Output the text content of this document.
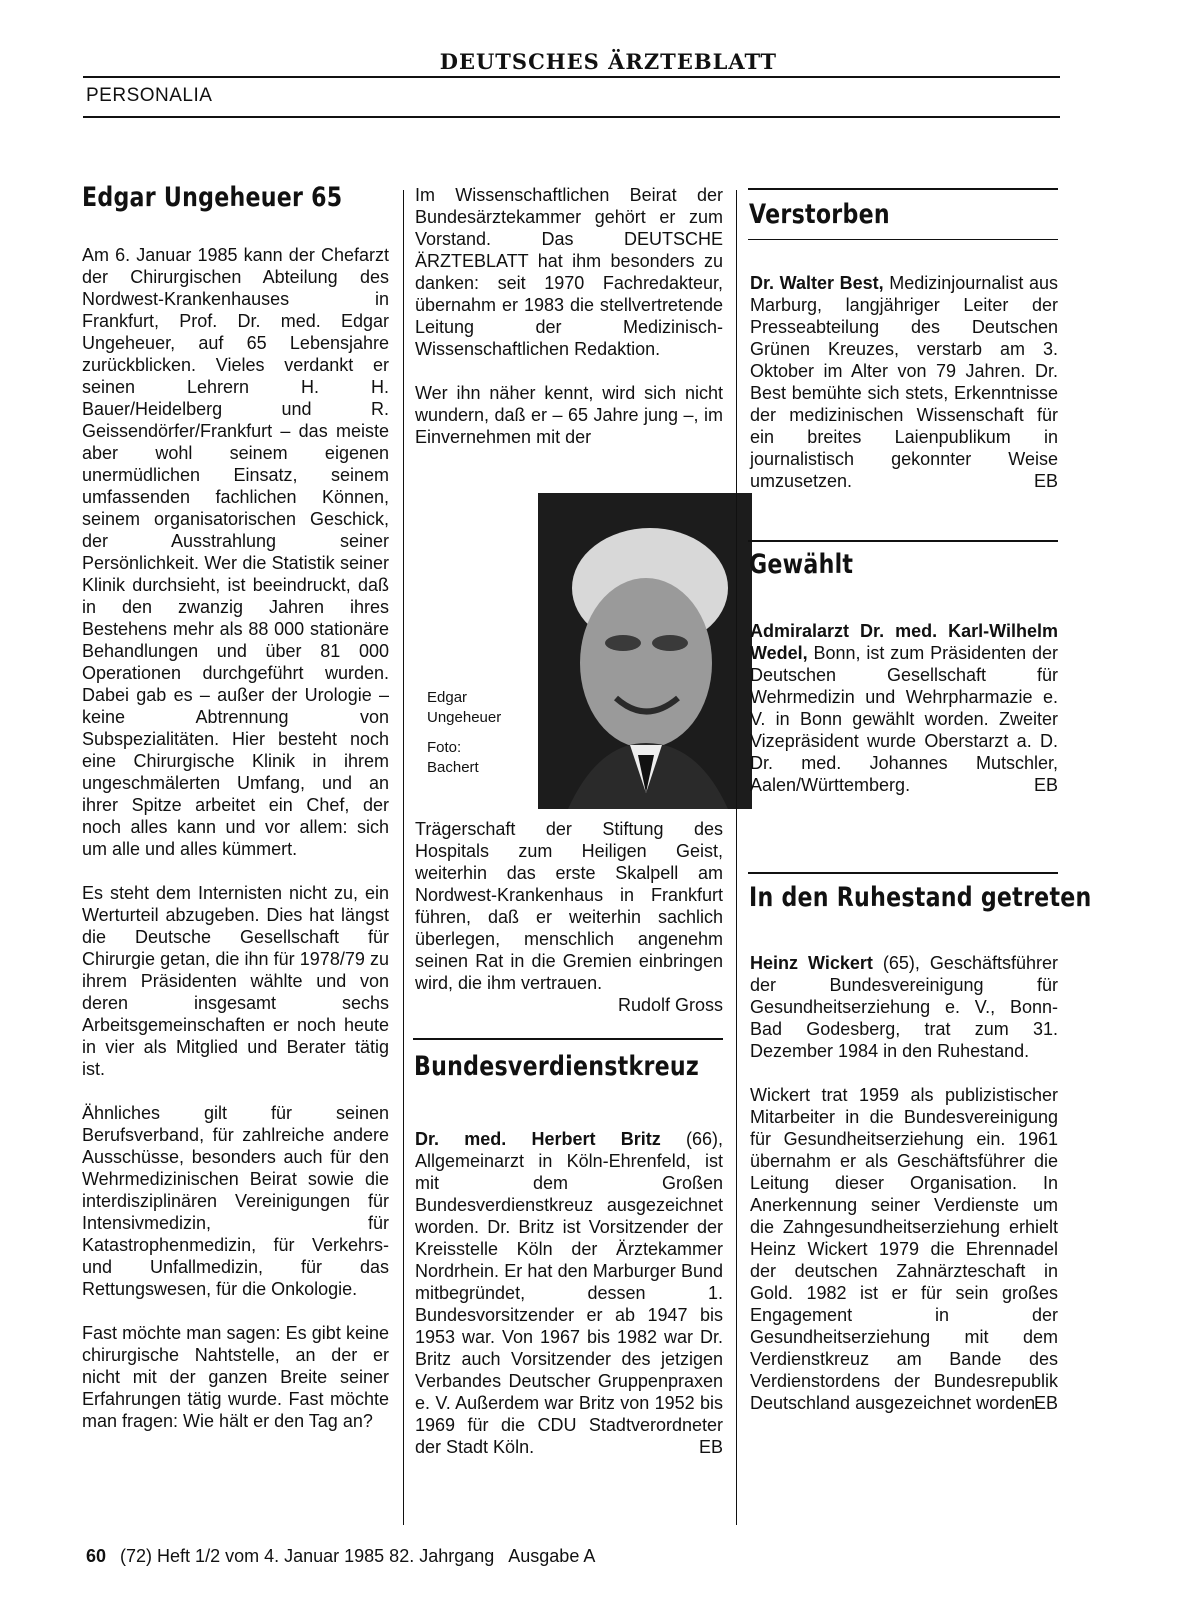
DEUTSCHES ÄRZTEBLATT
PERSONALIA
Edgar Ungeheuer 65

Am 6. Januar 1985 kann der Chefarzt der Chirurgischen Abteilung des Nordwest-Krankenhauses in Frankfurt, Prof. Dr. med. Edgar Ungeheuer, auf 65 Lebensjahre zurückblicken. Vieles verdankt er seinen Lehrern H. H. Bauer/Heidelberg und R. Geissendörfer/Frankfurt – das meiste aber wohl seinem eigenen unermüdlichen Einsatz, seinem umfassenden fachlichen Können, seinem organisatorischen Geschick, der Ausstrahlung seiner Persönlichkeit. Wer die Statistik seiner Klinik durchsieht, ist beeindruckt, daß in den zwanzig Jahren ihres Bestehens mehr als 88 000 stationäre Behandlungen und über 81 000 Operationen durchgeführt wurden. Dabei gab es – außer der Urologie – keine Abtrennung von Subspezialitäten. Hier besteht noch eine Chirurgische Klinik in ihrem ungeschmälerten Umfang, und an ihrer Spitze arbeitet ein Chef, der noch alles kann und vor allem: sich um alle und alles kümmert.

Es steht dem Internisten nicht zu, ein Werturteil abzugeben. Dies hat längst die Deutsche Gesellschaft für Chirurgie getan, die ihn für 1978/79 zu ihrem Präsidenten wählte und von deren insgesamt sechs Arbeitsgemeinschaften er noch heute in vier als Mitglied und Berater tätig ist.

Ähnliches gilt für seinen Berufsverband, für zahlreiche andere Ausschüsse, besonders auch für den Wehrmedizinischen Beirat sowie die interdisziplinären Vereinigungen für Intensivmedizin, für Katastrophenmedizin, für Verkehrs- und Unfallmedizin, für das Rettungswesen, für die Onkologie.

Fast möchte man sagen: Es gibt keine chirurgische Nahtstelle, an der er nicht mit der ganzen Breite seiner Erfahrungen tätig wurde. Fast möchte man fragen: Wie hält er den Tag an?

Im Wissenschaftlichen Beirat der Bundesärztekammer gehört er zum Vorstand. Das DEUTSCHE ÄRZTEBLATT hat ihm besonders zu danken: seit 1970 Fachredakteur, übernahm er 1983 die stellvertretende Leitung der Medizinisch-Wissenschaftlichen Redaktion.

Wer ihn näher kennt, wird sich nicht wundern, daß er – 65 Jahre jung –, im Einvernehmen mit der

Edgar
Ungeheuer
Foto:
Bachert

Trägerschaft der Stiftung des Hospitals zum Heiligen Geist, weiterhin das erste Skalpell am Nordwest-Krankenhaus in Frankfurt führen, daß er weiterhin sachlich überlegen, menschlich angenehm seinen Rat in die Gremien einbringen wird, die ihm vertrauen.
Rudolf Gross

Bundesverdienstkreuz

Dr. med. Herbert Britz (66), Allgemeinarzt in Köln-Ehrenfeld, ist mit dem Großen Bundesverdienstkreuz ausgezeichnet worden. Dr. Britz ist Vorsitzender der Kreisstelle Köln der Ärztekammer Nordrhein. Er hat den Marburger Bund mitbegründet, dessen 1. Bundesvorsitzender er ab 1947 bis 1953 war. Von 1967 bis 1982 war Dr. Britz auch Vorsitzender des jetzigen Verbandes Deutscher Gruppenpraxen e. V. Außerdem war Britz von 1952 bis 1969 für die CDU Stadtverordneter der Stadt Köln.	EB

Verstorben

Dr. Walter Best, Medizinjournalist aus Marburg, langjähriger Leiter der Presseabteilung des Deutschen Grünen Kreuzes, verstarb am 3. Oktober im Alter von 79 Jahren. Dr. Best bemühte sich stets, Erkenntnisse der medizinischen Wissenschaft für ein breites Laienpublikum in journalistisch gekonnter Weise umzusetzen.	EB

Gewählt

Admiralarzt Dr. med. Karl-Wilhelm Wedel, Bonn, ist zum Präsidenten der Deutschen Gesellschaft für Wehrmedizin und Wehrpharmazie e. V. in Bonn gewählt worden. Zweiter Vizepräsident wurde Oberstarzt a. D. Dr. med. Johannes Mutschler, Aalen/Württemberg.	EB

In den Ruhestand getreten

Heinz Wickert (65), Geschäftsführer der Bundesvereinigung für Gesundheitserziehung e. V., Bonn-Bad Godesberg, trat zum 31. Dezember 1984 in den Ruhestand.

Wickert trat 1959 als publizistischer Mitarbeiter in die Bundesvereinigung für Gesundheitserziehung ein. 1961 übernahm er als Geschäftsführer die Leitung dieser Organisation. In Anerkennung seiner Verdienste um die Zahngesundheitserziehung erhielt Heinz Wickert 1979 die Ehrennadel der deutschen Zahnärzteschaft in Gold. 1982 ist er für sein großes Engagement in der Gesundheitserziehung mit dem Verdienstkreuz am Bande des Verdienstordens der Bundesrepublik Deutschland ausgezeichnet worden.
EB

60 (72) Heft 1/2 vom 4. Januar 1985 82. Jahrgang   Ausgabe A
